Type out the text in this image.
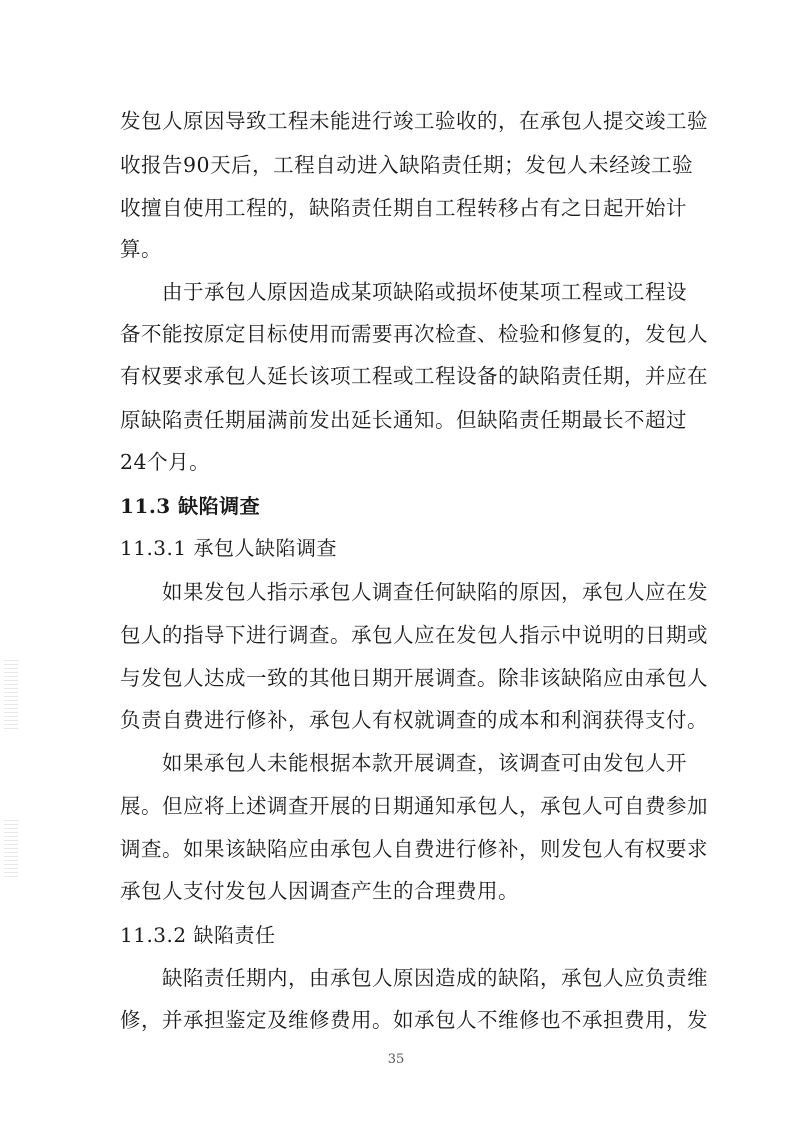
发包人原因导致工程未能进行竣工验收的，在承包人提交竣工验
收报告90天后，工程自动进入缺陷责任期；发包人未经竣工验
收擅自使用工程的，缺陷责任期自工程转移占有之日起开始计
算。
由于承包人原因造成某项缺陷或损坏使某项工程或工程设
备不能按原定目标使用而需要再次检查、检验和修复的，发包人
有权要求承包人延长该项工程或工程设备的缺陷责任期，并应在
原缺陷责任期届满前发出延长通知。但缺陷责任期最长不超过
24个月。
11.3 缺陷调查
11.3.1 承包人缺陷调查
如果发包人指示承包人调查任何缺陷的原因，承包人应在发
包人的指导下进行调查。承包人应在发包人指示中说明的日期或
与发包人达成一致的其他日期开展调查。除非该缺陷应由承包人
负责自费进行修补，承包人有权就调查的成本和利润获得支付。
如果承包人未能根据本款开展调查，该调查可由发包人开
展。但应将上述调查开展的日期通知承包人，承包人可自费参加
调查。如果该缺陷应由承包人自费进行修补，则发包人有权要求
承包人支付发包人因调查产生的合理费用。
11.3.2 缺陷责任
缺陷责任期内，由承包人原因造成的缺陷，承包人应负责维
修，并承担鉴定及维修费用。如承包人不维修也不承担费用，发
35
